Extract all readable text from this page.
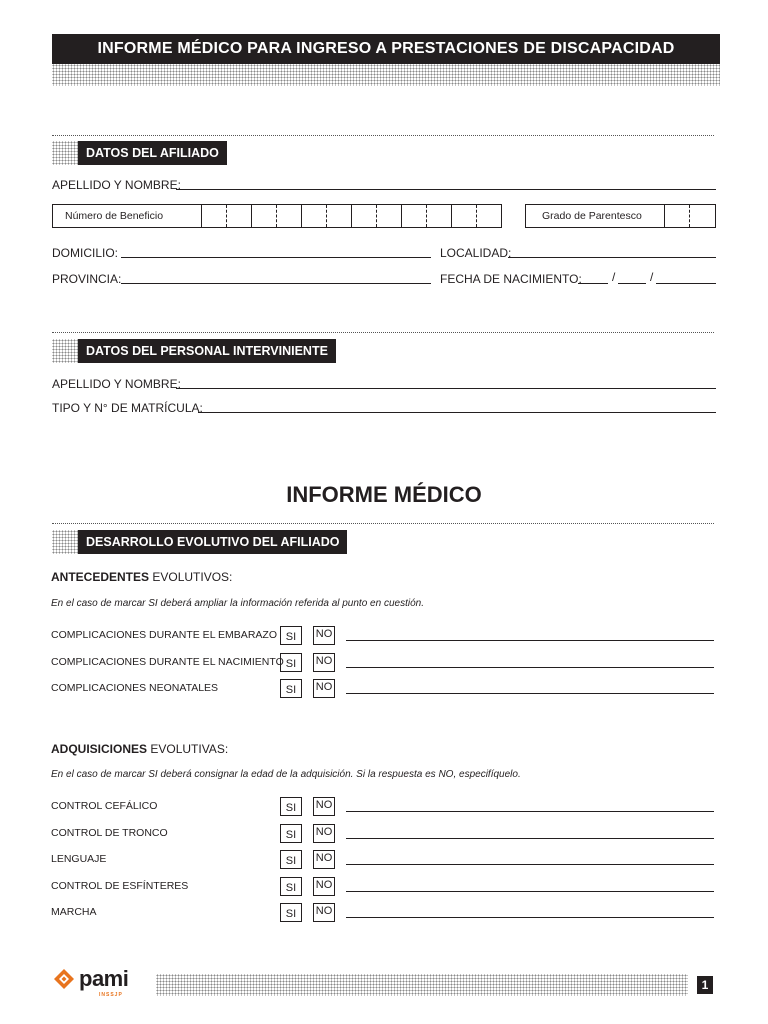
INFORME MÉDICO PARA INGRESO A PRESTACIONES DE DISCAPACIDAD
DATOS DEL AFILIADO
APELLIDO Y NOMBRE:
Número de Beneficio	Grado de Parentesco
DOMICILIO:	LOCALIDAD:
PROVINCIA:	FECHA DE NACIMIENTO:	/	/
DATOS DEL PERSONAL INTERVINIENTE
APELLIDO Y NOMBRE:
TIPO Y N° DE MATRÍCULA:
INFORME MÉDICO
DESARROLLO EVOLUTIVO DEL AFILIADO
ANTECEDENTES EVOLUTIVOS:
En el caso de marcar SI deberá ampliar la información referida al punto en cuestión.
COMPLICACIONES DURANTE EL EMBARAZO SI	NO
COMPLICACIONES DURANTE EL NACIMIENTO SI	NO
COMPLICACIONES NEONATALES	SI	NO
ADQUISICIONES EVOLUTIVAS:
En el caso de marcar SI deberá consignar la edad de la adquisición. Si la respuesta es NO, especifíquelo.
CONTROL CEFÁLICO	SI	NO
CONTROL DE TRONCO	SI	NO
LENGUAJE	SI	NO
CONTROL DE ESFÍNTERES	SI	NO
MARCHA	SI	NO
pami
INSSJP
1
